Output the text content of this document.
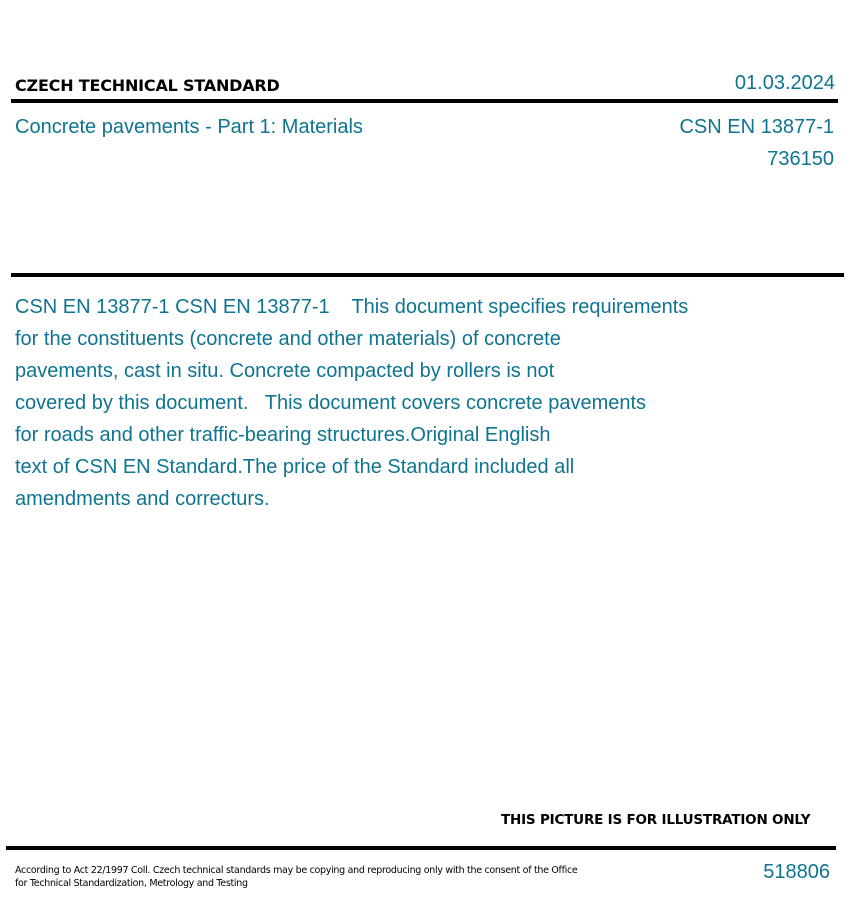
CZECH TECHNICAL STANDARD	01.03.2024
Concrete pavements - Part 1: Materials	CSN EN 13877-1
736150
CSN EN 13877-1 CSN EN 13877-1    This document specifies requirements
for the constituents (concrete and other materials) of concrete
pavements, cast in situ. Concrete compacted by rollers is not
covered by this document.   This document covers concrete pavements
for roads and other traffic-bearing structures.Original English
text of CSN EN Standard.The price of the Standard included all
amendments and correcturs.
THIS PICTURE IS FOR ILLUSTRATION ONLY
According to Act 22/1997 Coll. Czech technical standards may be copying and reproducing only with the consent of the Office
for Technical Standardization, Metrology and Testing
518806
